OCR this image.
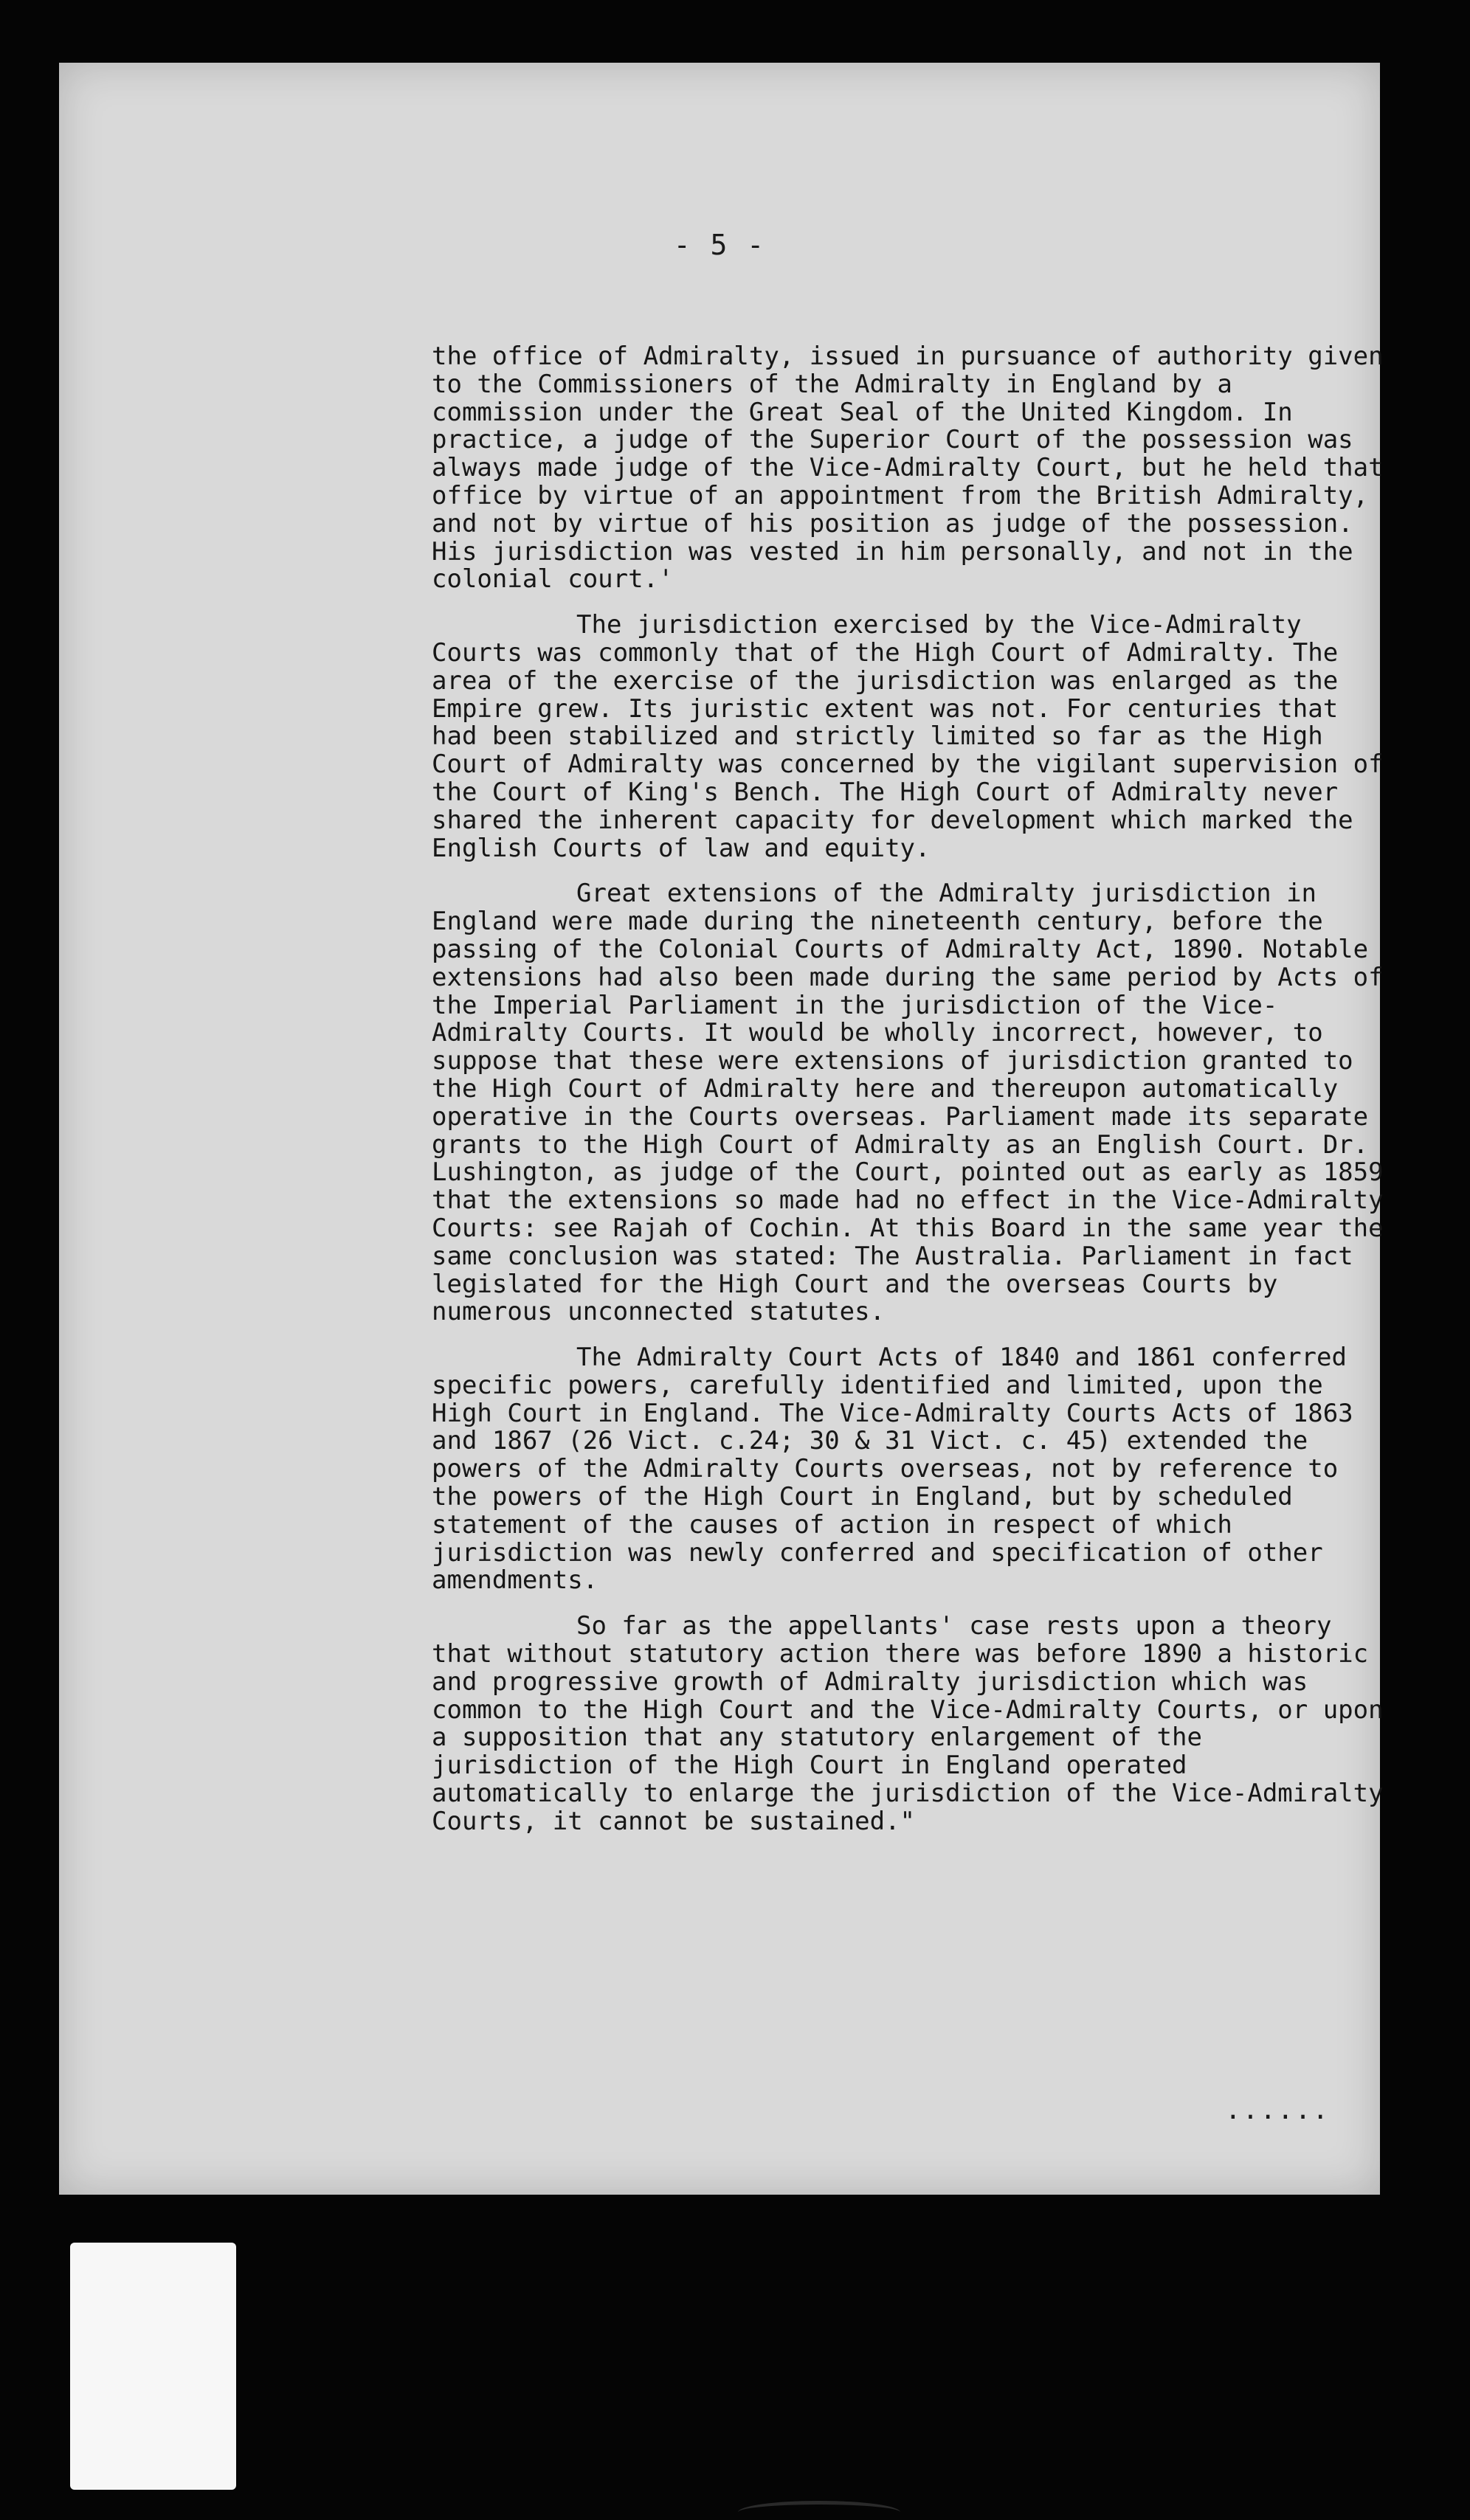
- 5 -

the office of Admiralty, issued in pursuance of authority given to the Commissioners of the Admiralty in England by a commission under the Great Seal of the United Kingdom. In practice, a judge of the Superior Court of the possession was always made judge of the Vice-Admiralty Court, but he held that office by virtue of an appointment from the British Admiralty, and not by virtue of his position as judge of the possession. His jurisdiction was vested in him personally, and not in the colonial court.'

The jurisdiction exercised by the Vice-Admiralty Courts was commonly that of the High Court of Admiralty. The area of the exercise of the jurisdiction was enlarged as the Empire grew. Its juristic extent was not. For centuries that had been stabilized and strictly limited so far as the High Court of Admiralty was concerned by the vigilant supervision of the Court of King's Bench. The High Court of Admiralty never shared the inherent capacity for development which marked the English Courts of law and equity.

Great extensions of the Admiralty jurisdiction in England were made during the nineteenth century, before the passing of the Colonial Courts of Admiralty Act, 1890. Notable extensions had also been made during the same period by Acts of the Imperial Parliament in the jurisdiction of the Vice-Admiralty Courts. It would be wholly incorrect, however, to suppose that these were extensions of jurisdiction granted to the High Court of Admiralty here and thereupon automatically operative in the Courts overseas. Parliament made its separate grants to the High Court of Admiralty as an English Court. Dr. Lushington, as judge of the Court, pointed out as early as 1859 that the extensions so made had no effect in the Vice-Admiralty Courts: see Rajah of Cochin. At this Board in the same year the same conclusion was stated: The Australia. Parliament in fact legislated for the High Court and the overseas Courts by numerous unconnected statutes.

The Admiralty Court Acts of 1840 and 1861 conferred specific powers, carefully identified and limited, upon the High Court in England. The Vice-Admiralty Courts Acts of 1863 and 1867 (26 Vict. c.24; 30 & 31 Vict. c. 45) extended the powers of the Admiralty Courts overseas, not by reference to the powers of the High Court in England, but by scheduled statement of the causes of action in respect of which jurisdiction was newly conferred and specification of other amendments.

So far as the appellants' case rests upon a theory that without statutory action there was before 1890 a historic and progressive growth of Admiralty jurisdiction which was common to the High Court and the Vice-Admiralty Courts, or upon a supposition that any statutory enlargement of the jurisdiction of the High Court in England operated automatically to enlarge the jurisdiction of the Vice-Admiralty Courts, it cannot be sustained."

......
